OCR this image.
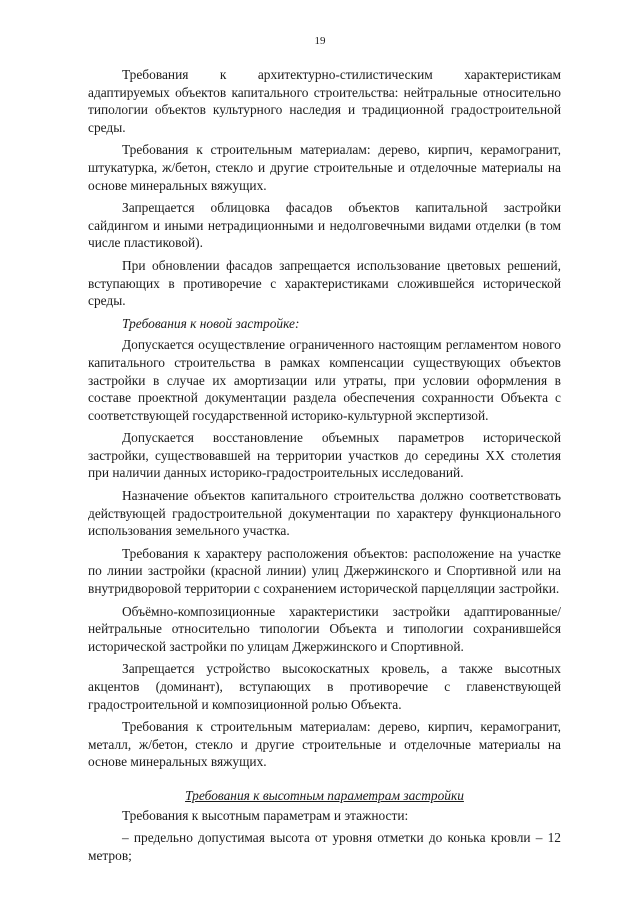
19

Требования к архитектурно-стилистическим характеристикам адаптируемых объектов капитального строительства: нейтральные относительно типологии объектов культурного наследия и традиционной градостроительной среды.

Требования к строительным материалам: дерево, кирпич, керамогранит, штукатурка, ж/бетон, стекло и другие строительные и отделочные материалы на основе минеральных вяжущих.

Запрещается облицовка фасадов объектов капитальной застройки сайдингом и иными нетрадиционными и недолговечными видами отделки (в том числе пластиковой).

При обновлении фасадов запрещается использование цветовых решений, вступающих в противоречие с характеристиками сложившейся исторической среды.

Требования к новой застройке:

Допускается осуществление ограниченного настоящим регламентом нового капитального строительства в рамках компенсации существующих объектов застройки в случае их амортизации или утраты, при условии оформления в составе проектной документации раздела обеспечения сохранности Объекта с соответствующей государственной историко-культурной экспертизой.

Допускается восстановление объемных параметров исторической застройки, существовавшей на территории участков до середины XX столетия при наличии данных историко-градостроительных исследований.

Назначение объектов капитального строительства должно соответствовать действующей градостроительной документации по характеру функционального использования земельного участка.

Требования к характеру расположения объектов: расположение на участке по линии застройки (красной линии) улиц Джержинского и Спортивной или на внутридворовой территории с сохранением исторической парцелляции застройки.

Объёмно-композиционные характеристики застройки адаптированные/ нейтральные относительно типологии Объекта и типологии сохранившейся исторической застройки по улицам Джержинского и Спортивной.

Запрещается устройство высокоскатных кровель, а также высотных акцентов (доминант), вступающих в противоречие с главенствующей градостроительной и композиционной ролью Объекта.

Требования к строительным материалам: дерево, кирпич, керамогранит, металл, ж/бетон, стекло и другие строительные и отделочные материалы на основе минеральных вяжущих.

Требования к высотным параметрам застройки

Требования к высотным параметрам и этажности:

– предельно допустимая высота от уровня отметки до конька кровли – 12 метров;
